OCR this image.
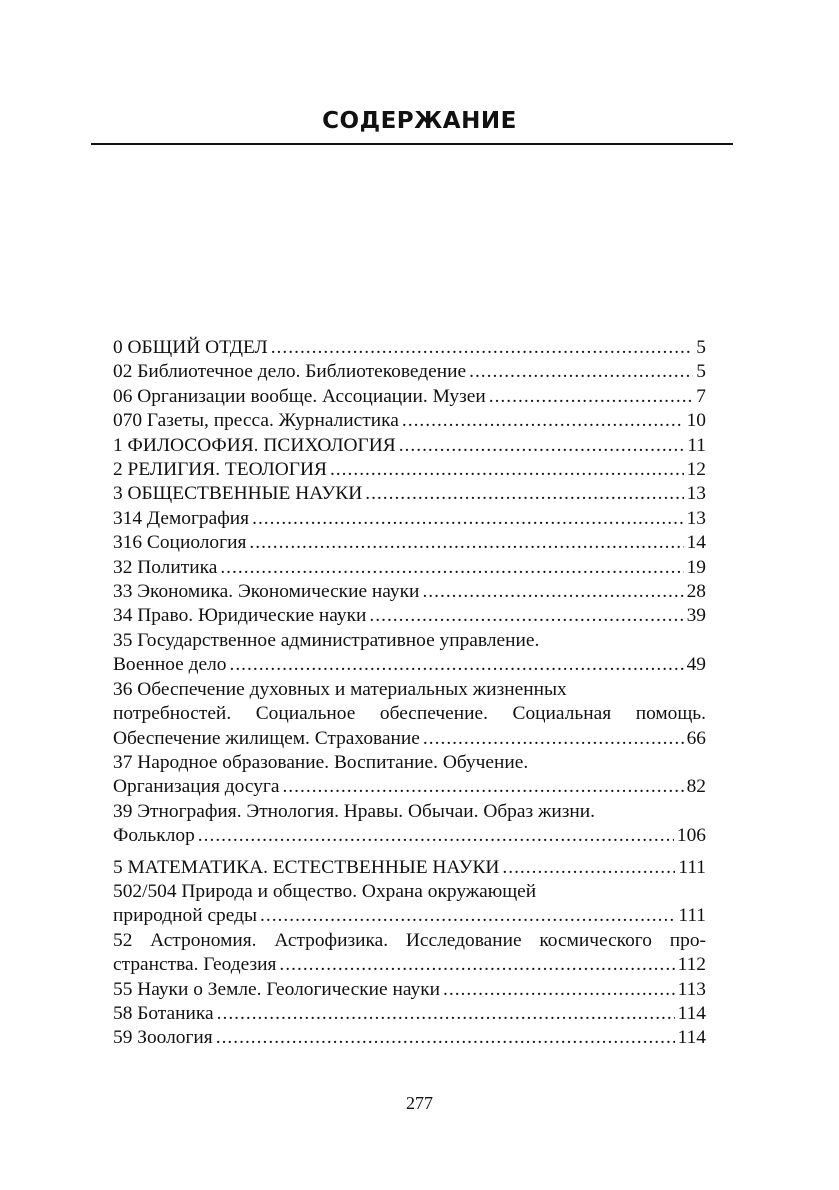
СОДЕРЖАНИЕ
0 ОБЩИЙ ОТДЕЛ .....	5
02 Библиотечное дело. Библиотековедение .....	5
06 Организации вообще. Ассоциации. Музеи .....	7
070 Газеты, пресса. Журналистика .....	10
1 ФИЛОСОФИЯ. ПСИХОЛОГИЯ .....	11
2 РЕЛИГИЯ. ТЕОЛОГИЯ .....	12
3 ОБЩЕСТВЕННЫЕ НАУКИ .....	13
314 Демография .....	13
316 Социология .....	14
32 Политика .....	19
33 Экономика. Экономические науки .....	28
34 Право. Юридические науки .....	39
35 Государственное административное управление.
Военное дело .....	49
36 Обеспечение духовных и материальных жизненных
потребностей. Социальное обеспечение. Социальная помощь.
Обеспечение жилищем. Страхование .....	66
37 Народное образование. Воспитание. Обучение.
Организация досуга .....	82
39 Этнография. Этнология. Нравы. Обычаи. Образ жизни.
Фольклор .....	106
5 МАТЕМАТИКА. ЕСТЕСТВЕННЫЕ НАУКИ .....	111
502/504 Природа и общество. Охрана окружающей
природной среды .....	111
52 Астрономия. Астрофизика. Исследование космического про-
странства. Геодезия .....	112
55 Науки о Земле. Геологические науки .....	113
58 Ботаника .....	114
59 Зоология .....	114
277
